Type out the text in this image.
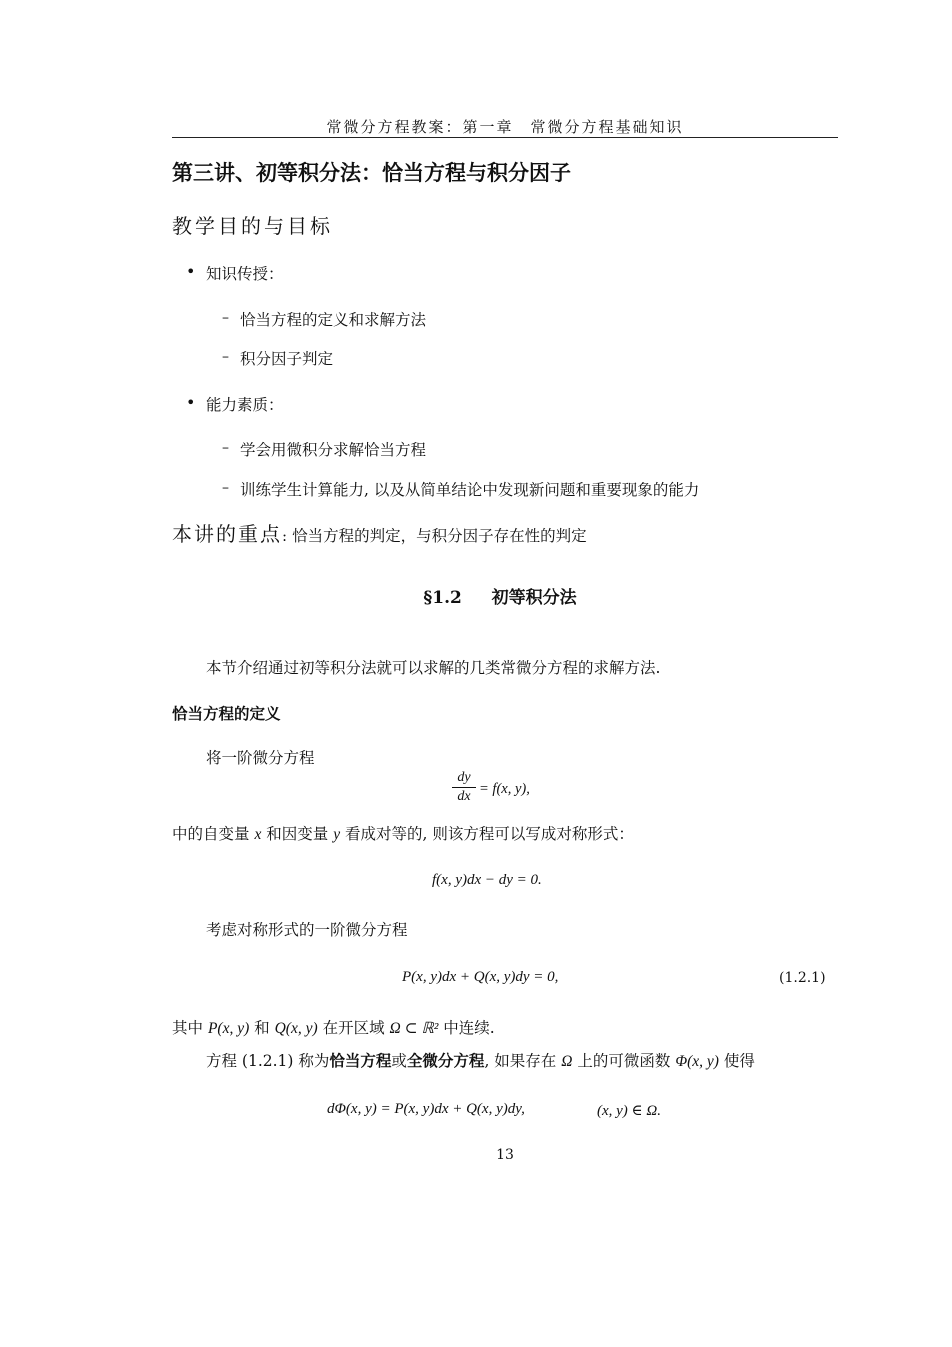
常微分方程教案：第一章　常微分方程基础知识
第三讲、初等积分法：恰当方程与积分因子
教学目的与目标
• 知识传授：
– 恰当方程的定义和求解方法
– 积分因子判定
• 能力素质：
– 学会用微积分求解恰当方程
– 训练学生计算能力, 以及从简单结论中发现新问题和重要现象的能力
本讲的重点: 恰当方程的判定，与积分因子存在性的判定
§1.2 初等积分法
本节介绍通过初等积分法就可以求解的几类常微分方程的求解方法.
恰当方程的定义
将一阶微分方程
dy
dx = f(x, y),
中的自变量 x 和因变量 y 看成对等的, 则该方程可以写成对称形式：
f(x, y)dx − dy = 0.
考虑对称形式的一阶微分方程
P(x, y)dx + Q(x, y)dy = 0,	(1.2.1)
其中 P(x, y) 和 Q(x, y) 在开区域 Ω ⊂ ℝ² 中连续.
方程 (1.2.1) 称为恰当方程或全微分方程, 如果存在 Ω 上的可微函数 Φ(x, y) 使得
dΦ(x, y) = P(x, y)dx + Q(x, y)dy,	(x, y) ∈ Ω.
13
